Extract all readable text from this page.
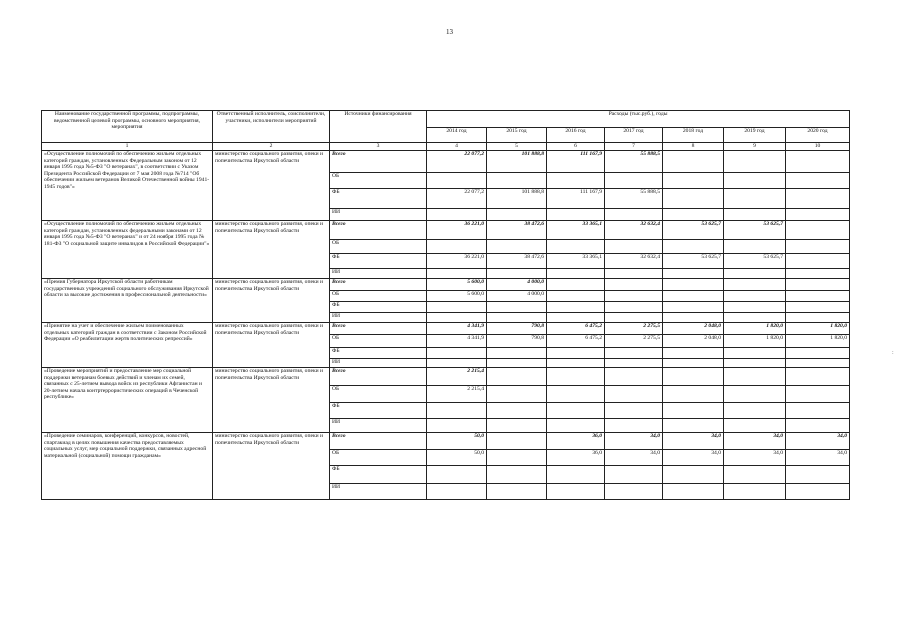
13
Наименование государственной программы, подпрограммы, ведомственной целевой программы, основного мероприятия, мероприятия	Ответственный исполнитель, соисполнители, участники, исполнители мероприятий	Источники финансирования	Расходы (тыс.руб.), годы						
			2014 год	2015 год	2016 год	2017 год	2018 год	2019 год	2020 год
1	2	3	4	5	6	7	8	9	10
«Осуществление полномочий по обеспечению жильем отдельных категорий граждан, установленных Федеральным законом от 12 января 1995 года №5-ФЗ "О ветеранах", в соответствии с Указом Президента Российской Федерации от 7 мая 2008 года №714 "Об обеспечении жильем ветеранов Великой Отечественной войны 1941-1945 годов"»	министерство социального развития, опеки и попечительства Иркутской области	Всего	22 077,2	101 888,8	111 167,9	55 888,5			
		ОБ							
		ФБ	22 077,2	101 888,8	111 167,9	55 888,5			
		ИИ							
«Осуществление полномочий по обеспечению жильем отдельных категорий граждан, установленных федеральными законами от 12 января 1995 года №5-ФЗ "О ветеранах" и от 24 ноября 1995 года № 181-ФЗ "О социальной защите инвалидов в Российской Федерации"»	министерство социального развития, опеки и попечительства Иркутской области	Всего	36 221,0	38 472,6	33 365,1	32 632,4	53 625,7	53 625,7	
		ОБ							
		ФБ	36 221,0	38 472,6	33 365,1	32 632,4	53 625,7	53 625,7	
		ИИ							
«Премия Губернатора Иркутской области работникам государственных учреждений социального обслуживания Иркутской области за высокие достижения в профессиональной деятельности»	министерство социального развития, опеки и попечительства Иркутской области	Всего	5 600,0	4 000,0					
		ОБ	5 600,0	4 000,0					
		ФБ							
		ИИ							
«Принятие на учет и обеспечение жильем поименованных отдельных категорий граждан в соответствии с Законом Российской Федерации «О реабилитации жертв политических репрессий»	министерство социального развития, опеки и попечительства Иркутской области	Всего	4 341,9	790,8	6 475,2	2 275,5	2 048,0	1 820,0	1 820,0
		ОБ	4 341,9	790,8	6 475,2	2 275,5	2 048,0	1 820,0	1 820,0
		ФБ							
		ИИ							
«Проведение мероприятий и предоставление мер социальной поддержки ветеранам боевых действий и членам их семей, связанных с 25-летием вывода войск из республики Афганистан и 20-летием начала контртеррористических операций в Чеченской республике»	министерство социального развития, опеки и попечительства Иркутской области	Всего	2 215,4						
		ОБ	2 215,4						
		ФБ							
		ИИ							
«Проведение семинаров, конференций, конкурсов, новостей, спартакиад в целях повышения качества предоставляемых социальных услуг, мер социальной поддержки, связанных адресной материальной (социальной) помощи гражданам»	министерство социального развития, опеки и попечительства Иркутской области	Всего	50,0		36,0	34,0	34,0	34,0	34,0
		ОБ	50,0		36,0	34,0	34,0	34,0	34,0
		ФБ							
		ИИ							
:
